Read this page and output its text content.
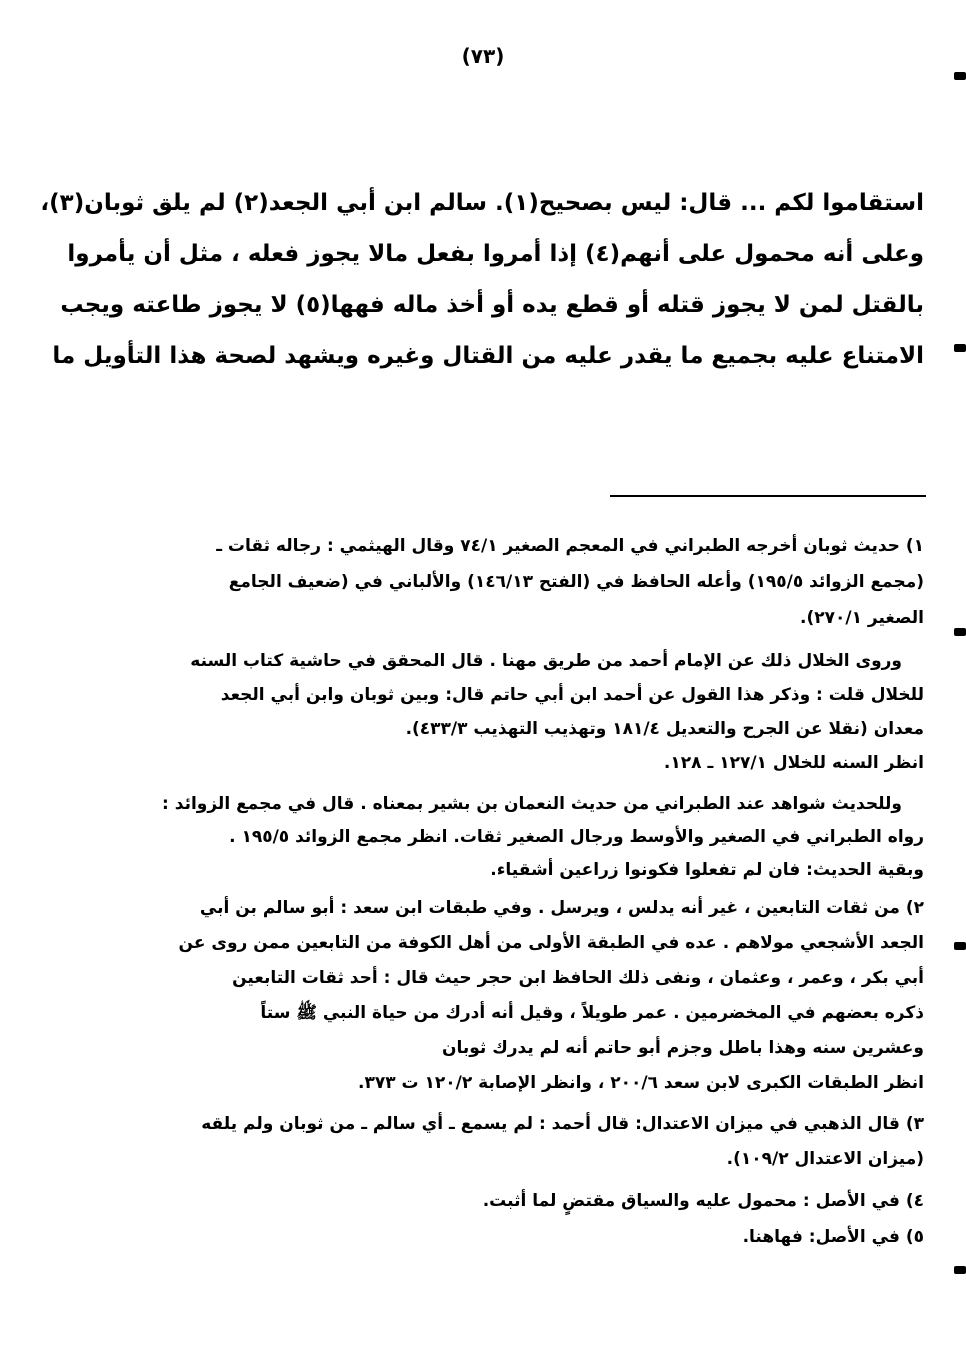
(٧٣)
استقاموا لكم ... قال: ليس بصحيح(١). سالم ابن أبي الجعد(٢) لم يلق ثوبان(٣)،
وعلى أنه محمول على أنهم(٤) إذا أمروا بفعل مالا يجوز فعله ، مثل أن يأمروا
بالقتل لمن لا يجوز قتله أو قطع يده أو أخذ ماله فهها(٥) لا يجوز طاعته ويجب
الامتناع عليه بجميع ما يقدر عليه من القتال وغيره ويشهد لصحة هذا التأويل ما
١) حديث ثوبان أخرجه الطبراني في المعجم الصغير ٧٤/١ وقال الهيثمي : رجاله ثقات ـ
(مجمع الزوائد ١٩٥/٥) وأعله الحافظ في (الفتح ١٤٦/١٣) والألباني في (ضعيف الجامع
الصغير ٢٧٠/١).
وروى الخلال ذلك عن الإمام أحمد من طريق مهنا . قال المحقق في حاشية كتاب السنه
للخلال قلت : وذكر هذا القول عن أحمد ابن أبي حاتم قال: وبين ثوبان وابن أبي الجعد
معدان (نقلا عن الجرح والتعديل ١٨١/٤ وتهذيب التهذيب ٤٣٣/٣).
انظر السنه للخلال ١٢٧/١ ـ ١٢٨.
وللحديث شواهد عند الطبراني من حديث النعمان بن بشير بمعناه . قال في مجمع الزوائد :
رواه الطبراني في الصغير والأوسط ورجال الصغير ثقات. انظر مجمع الزوائد ١٩٥/٥ .
وبقية الحديث: فان لم تفعلوا فكونوا زراعين أشقياء.
٢) من ثقات التابعين ، غير أنه يدلس ، ويرسل . وفي طبقات ابن سعد : أبو سالم بن أبي
الجعد الأشجعي مولاهم . عده في الطبقة الأولى من أهل الكوفة من التابعين ممن روى عن
أبي بكر ، وعمر ، وعثمان ، ونفى ذلك الحافظ ابن حجر حيث قال : أحد ثقات التابعين
ذكره بعضهم في المخضرمين . عمر طويلاً ، وقيل أنه أدرك من حياة النبي ﷺ ستاً
وعشرين سنه وهذا باطل وجزم أبو حاتم أنه لم يدرك ثوبان
انظر الطبقات الكبرى لابن سعد ٢٠٠/٦ ، وانظر الإصابة ١٢٠/٢ ت ٣٧٣.
٣) قال الذهبي في ميزان الاعتدال: قال أحمد : لم يسمع ـ أي سالم ـ من ثوبان ولم يلقه
(ميزان الاعتدال ١٠٩/٢).
٤) في الأصل : محمول عليه والسياق مقتضٍ لما أثبت.
٥) في الأصل: فهاهنا.
